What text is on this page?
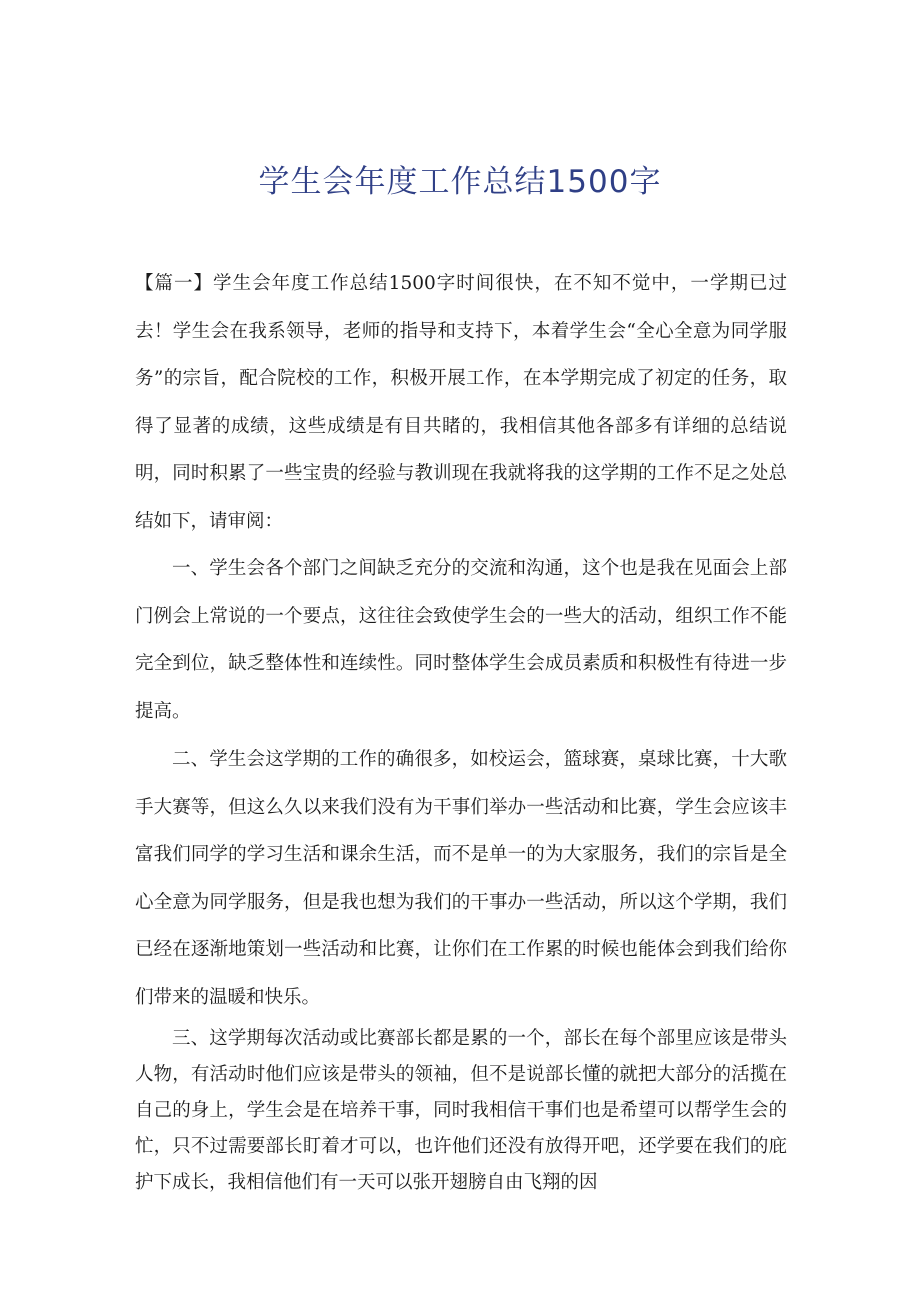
学生会年度工作总结1500字

【篇一】学生会年度工作总结1500字时间很快，在不知不觉中，一学期已过去！学生会在我系领导，老师的指导和支持下，本着学生会“全心全意为同学服务”的宗旨，配合院校的工作，积极开展工作，在本学期完成了初定的任务，取得了显著的成绩，这些成绩是有目共睹的，我相信其他各部多有详细的总结说明，同时积累了一些宝贵的经验与教训现在我就将我的这学期的工作不足之处总结如下，请审阅：

一、学生会各个部门之间缺乏充分的交流和沟通，这个也是我在见面会上部门例会上常说的一个要点，这往往会致使学生会的一些大的活动，组织工作不能完全到位，缺乏整体性和连续性。同时整体学生会成员素质和积极性有待进一步提高。

二、学生会这学期的工作的确很多，如校运会，篮球赛，桌球比赛，十大歌手大赛等，但这么久以来我们没有为干事们举办一些活动和比赛，学生会应该丰富我们同学的学习生活和课余生活，而不是单一的为大家服务，我们的宗旨是全心全意为同学服务，但是我也想为我们的干事办一些活动，所以这个学期，我们已经在逐渐地策划一些活动和比赛，让你们在工作累的时候也能体会到我们给你们带来的温暖和快乐。

三、这学期每次活动或比赛部长都是累的一个，部长在每个部里应该是带头人物，有活动时他们应该是带头的领袖，但不是说部长懂的就把大部分的活揽在自己的身上，学生会是在培养干事，同时我相信干事们也是希望可以帮学生会的忙，只不过需要部长盯着才可以，也许他们还没有放得开吧，还学要在我们的庇护下成长，我相信他们有一天可以张开翅膀自由飞翔的因
